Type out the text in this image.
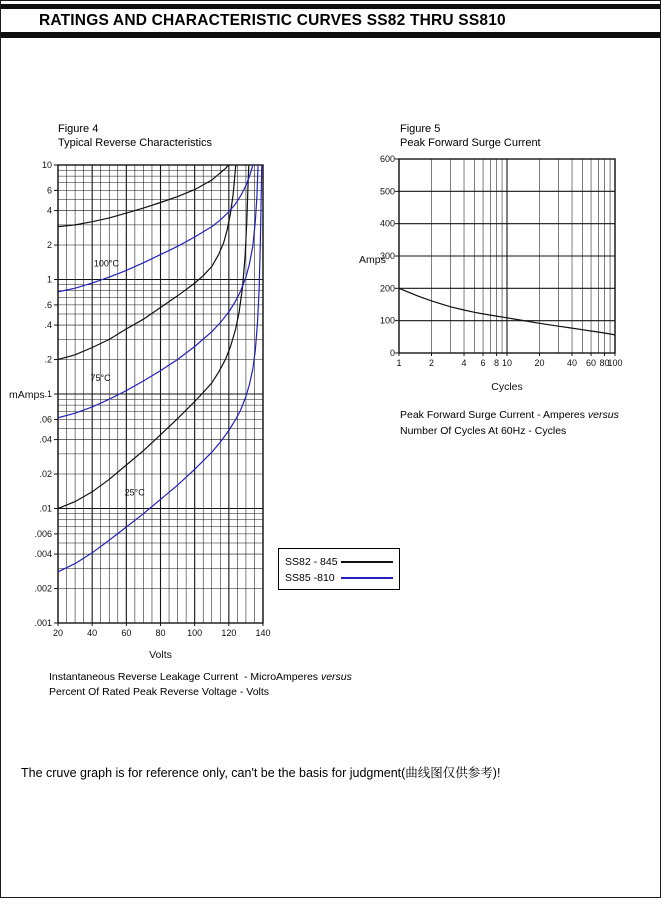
RATINGS AND CHARACTERISTIC CURVES SS82 THRU SS810
Figure 4
Typical Reverse Characteristics
10
6
4
2
1
.6
.4
.2
.1
.06
.04
.02
.01
.006
.004
.002
.001
20	40	60	80 100 120 140
Volts
mAmps
100°C
75°C
25°C
Instantaneous Reverse Leakage Current  - MicroAmperes versus
Percent Of Rated Peak Reverse Voltage - Volts
SS82 - 845
SS85 -810
Figure 5
Peak Forward Surge Current
600
500
400
300
200
100
0
1	2	4 6 8 10 20 40 60 80
100
Cycles
Amps
Peak Forward Surge Current - Amperes versus
Number Of Cycles At 60Hz - Cycles
The cruve graph is for reference only, can't be the basis for judgment(曲线图仅供参考)!
